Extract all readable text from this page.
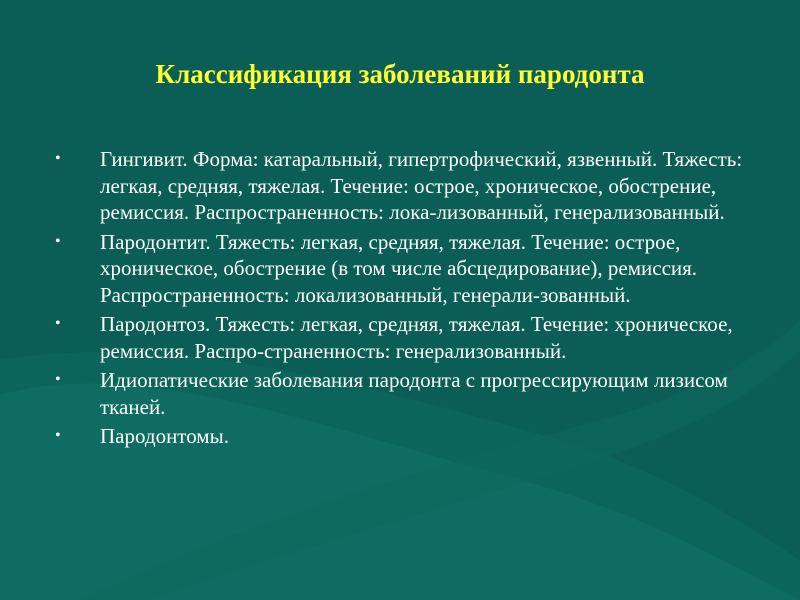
Классификация заболеваний пародонта
• Гингивит. Форма: катаральный, гипертрофический, язвенный. Тяжесть: легкая, средняя, тяжелая. Течение: острое, хроническое, обострение, ремиссия. Распространенность: лока-лизованный, генерализованный.
• Пародонтит. Тяжесть: легкая, средняя, тяжелая. Течение: острое, хроническое, обострение (в том числе абсцедирование), ремиссия. Распространенность: локализованный, генерали-зованный.
• Пародонтоз. Тяжесть: легкая, средняя, тяжелая. Течение: хроническое, ремиссия. Распро-страненность: генерализованный.
• Идиопатические заболевания пародонта с прогрессирующим лизисом тканей.
• Пародонтомы.
